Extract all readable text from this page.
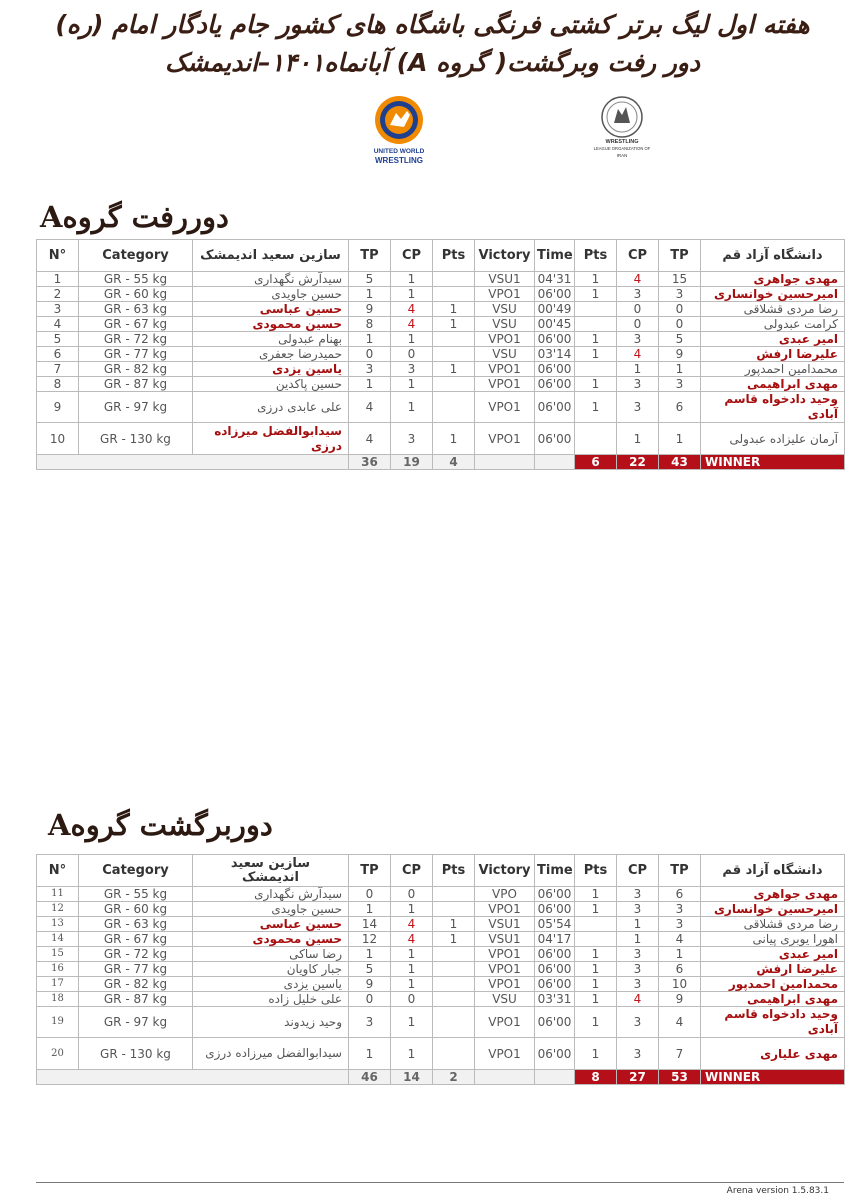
هفته اول لیگ برتر کشتی فرنگی باشگاه های کشور جام یادگار امام (ره)
دور رفت وبرگشت( گروه A) آبانماه۱۴۰۱–اندیمشک
UNITED WORLD
WRESTLING
WRESTLING
LEAGUE ORGANIZATION OF
IRAN
دوررفت گروهA
N°	Category	سازین سعید اندیمشک	TP	CP	Pts	Victory	Time	Pts	CP	TP	دانشگاه آزاد قم
1	GR - 55 kg	سیدآرش نگهداری	5	1		VSU1	04'31	1	4	15	مهدی جواهری
2	GR - 60 kg	حسین جاویدی	1	1		VPO1	06'00	1	3	3	امیرحسین خوانساری
3	GR - 63 kg	حسین عباسی	9	4	1	VSU	00'49		0	0	رضا مردی قشلاقی
4	GR - 67 kg	حسین محمودی	8	4	1	VSU	00'45		0	0	کرامت عبدولی
5	GR - 72 kg	بهنام عبدولی	1	1		VPO1	06'00	1	3	5	امیر عبدی
6	GR - 77 kg	حمیدرضا جعفری	0	0		VSU	03'14	1	4	9	علیرضا ارفش
7	GR - 82 kg	یاسین یزدی	3	3	1	VPO1	06'00		1	1	محمدامین احمدپور
8	GR - 87 kg	حسین پاکدین	1	1		VPO1	06'00	1	3	3	مهدی ابراهیمی
9	GR - 97 kg	علی عابدی درزی	4	1		VPO1	06'00	1	3	6	وحید دادخواه قاسم آبادی
10	GR - 130 kg	سیدابوالفضل میرزاده درزی	4	3	1	VPO1	06'00		1	1	آرمان علیزاده عبدولی
			36	19	4			6	22	43	WINNER
دوربرگشت گروهA
N°	Category	سازین سعید اندیمشک	TP	CP	Pts	Victory	Time	Pts	CP	TP	دانشگاه آزاد قم
11	GR - 55 kg	سیدآرش نگهداری	0	0		VPO	06'00	1	3	6	مهدی جواهری
12	GR - 60 kg	حسین جاویدی	1	1		VPO1	06'00	1	3	3	امیرحسین خوانساری
13	GR - 63 kg	حسین عباسی	14	4	1	VSU1	05'54		1	3	رضا مردی قشلاقی
14	GR - 67 kg	حسین محمودی	12	4	1	VSU1	04'17		1	4	اهورا یوبری پیانی
15	GR - 72 kg	رضا ساکی	1	1		VPO1	06'00	1	3	1	امیر عبدی
16	GR - 77 kg	جبار کاویان	5	1		VPO1	06'00	1	3	6	علیرضا ارفش
17	GR - 82 kg	یاسین یزدی	9	1		VPO1	06'00	1	3	10	محمدامین احمدپور
18	GR - 87 kg	علی خلیل زاده	0	0		VSU	03'31	1	4	9	مهدی ابراهیمی
19	GR - 97 kg	وحید زیدوند	3	1		VPO1	06'00	1	3	4	وحید دادخواه قاسم آبادی
20	GR - 130 kg	سیدابوالفضل میرزاده درزی	1	1		VPO1	06'00	1	3	7	مهدی علیاری
			46	14	2			8	27	53	WINNER
Arena version 1.5.83.1
